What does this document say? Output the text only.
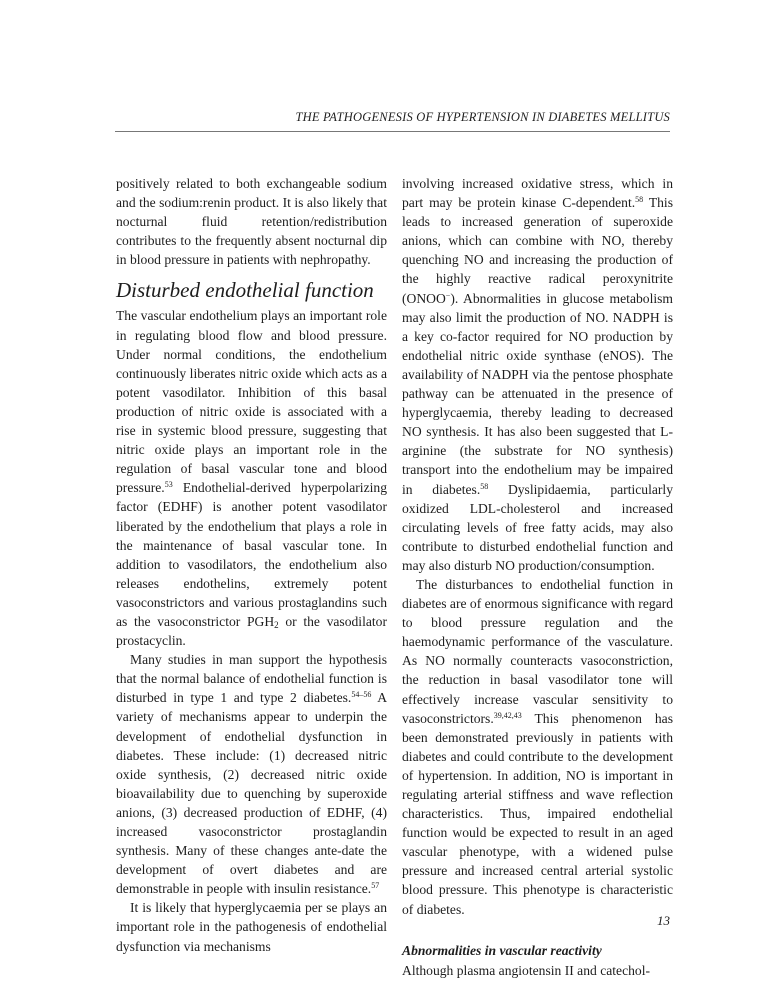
THE PATHOGENESIS OF HYPERTENSION IN DIABETES MELLITUS

positively related to both exchangeable sodium and the sodium:renin product. It is also likely that nocturnal fluid retention/redistribution contributes to the frequently absent nocturnal dip in blood pressure in patients with nephropathy.

Disturbed endothelial function

The vascular endothelium plays an important role in regulating blood flow and blood pressure. Under normal conditions, the endothelium continuously liberates nitric oxide which acts as a potent vasodilator. Inhibition of this basal production of nitric oxide is associated with a rise in systemic blood pressure, suggesting that nitric oxide plays an important role in the regulation of basal vascular tone and blood pressure.$^{53}$ Endothelial-derived hyperpolarizing factor (EDHF) is another potent vasodilator liberated by the endothelium that plays a role in the maintenance of basal vascular tone. In addition to vasodilators, the endothelium also releases endothelins, extremely potent vasoconstrictors and various prostaglandins such as the vasoconstrictor $PGH_2$ or the vasodilator prostacyclin.

Many studies in man support the hypothesis that the normal balance of endothelial function is disturbed in type 1 and type 2 diabetes.$^{54-56}$ A variety of mechanisms appear to underpin the development of endothelial dysfunction in diabetes. These include: (1) decreased nitric oxide synthesis, (2) decreased nitric oxide bioavailability due to quenching by superoxide anions, (3) decreased production of EDHF, (4) increased vasoconstrictor prostaglandin synthesis. Many of these changes ante-date the development of overt diabetes and are demonstrable in people with insulin resistance.$^{57}$

It is likely that hyperglycaemia per se plays an important role in the pathogenesis of endothelial dysfunction via mechanisms

involving increased oxidative stress, which in part may be protein kinase C-dependent.$^{58}$ This leads to increased generation of superoxide anions, which can combine with NO, thereby quenching NO and increasing the production of the highly reactive radical peroxynitrite (ONOO−). Abnormalities in glucose metabolism may also limit the production of NO. NADPH is a key co-factor required for NO production by endothelial nitric oxide synthase (eNOS). The availability of NADPH via the pentose phosphate pathway can be attenuated in the presence of hyperglycaemia, thereby leading to decreased NO synthesis. It has also been suggested that L-arginine (the substrate for NO synthesis) transport into the endothelium may be impaired in diabetes.$^{58}$ Dyslipidaemia, particularly oxidized LDL-cholesterol and increased circulating levels of free fatty acids, may also contribute to disturbed endothelial function and may also disturb NO production/consumption.

The disturbances to endothelial function in diabetes are of enormous significance with regard to blood pressure regulation and the haemodynamic performance of the vasculature. As NO normally counteracts vasoconstriction, the reduction in basal vasodilator tone will effectively increase vascular sensitivity to vasoconstrictors.$^{39,42,43}$ This phenomenon has been demonstrated previously in patients with diabetes and could contribute to the development of hypertension. In addition, NO is important in regulating arterial stiffness and wave reflection characteristics. Thus, impaired endothelial function would be expected to result in an aged vascular phenotype, with a widened pulse pressure and increased central arterial systolic blood pressure. This phenotype is characteristic of diabetes.

Abnormalities in vascular reactivity

Although plasma angiotensin II and catechol-

13
